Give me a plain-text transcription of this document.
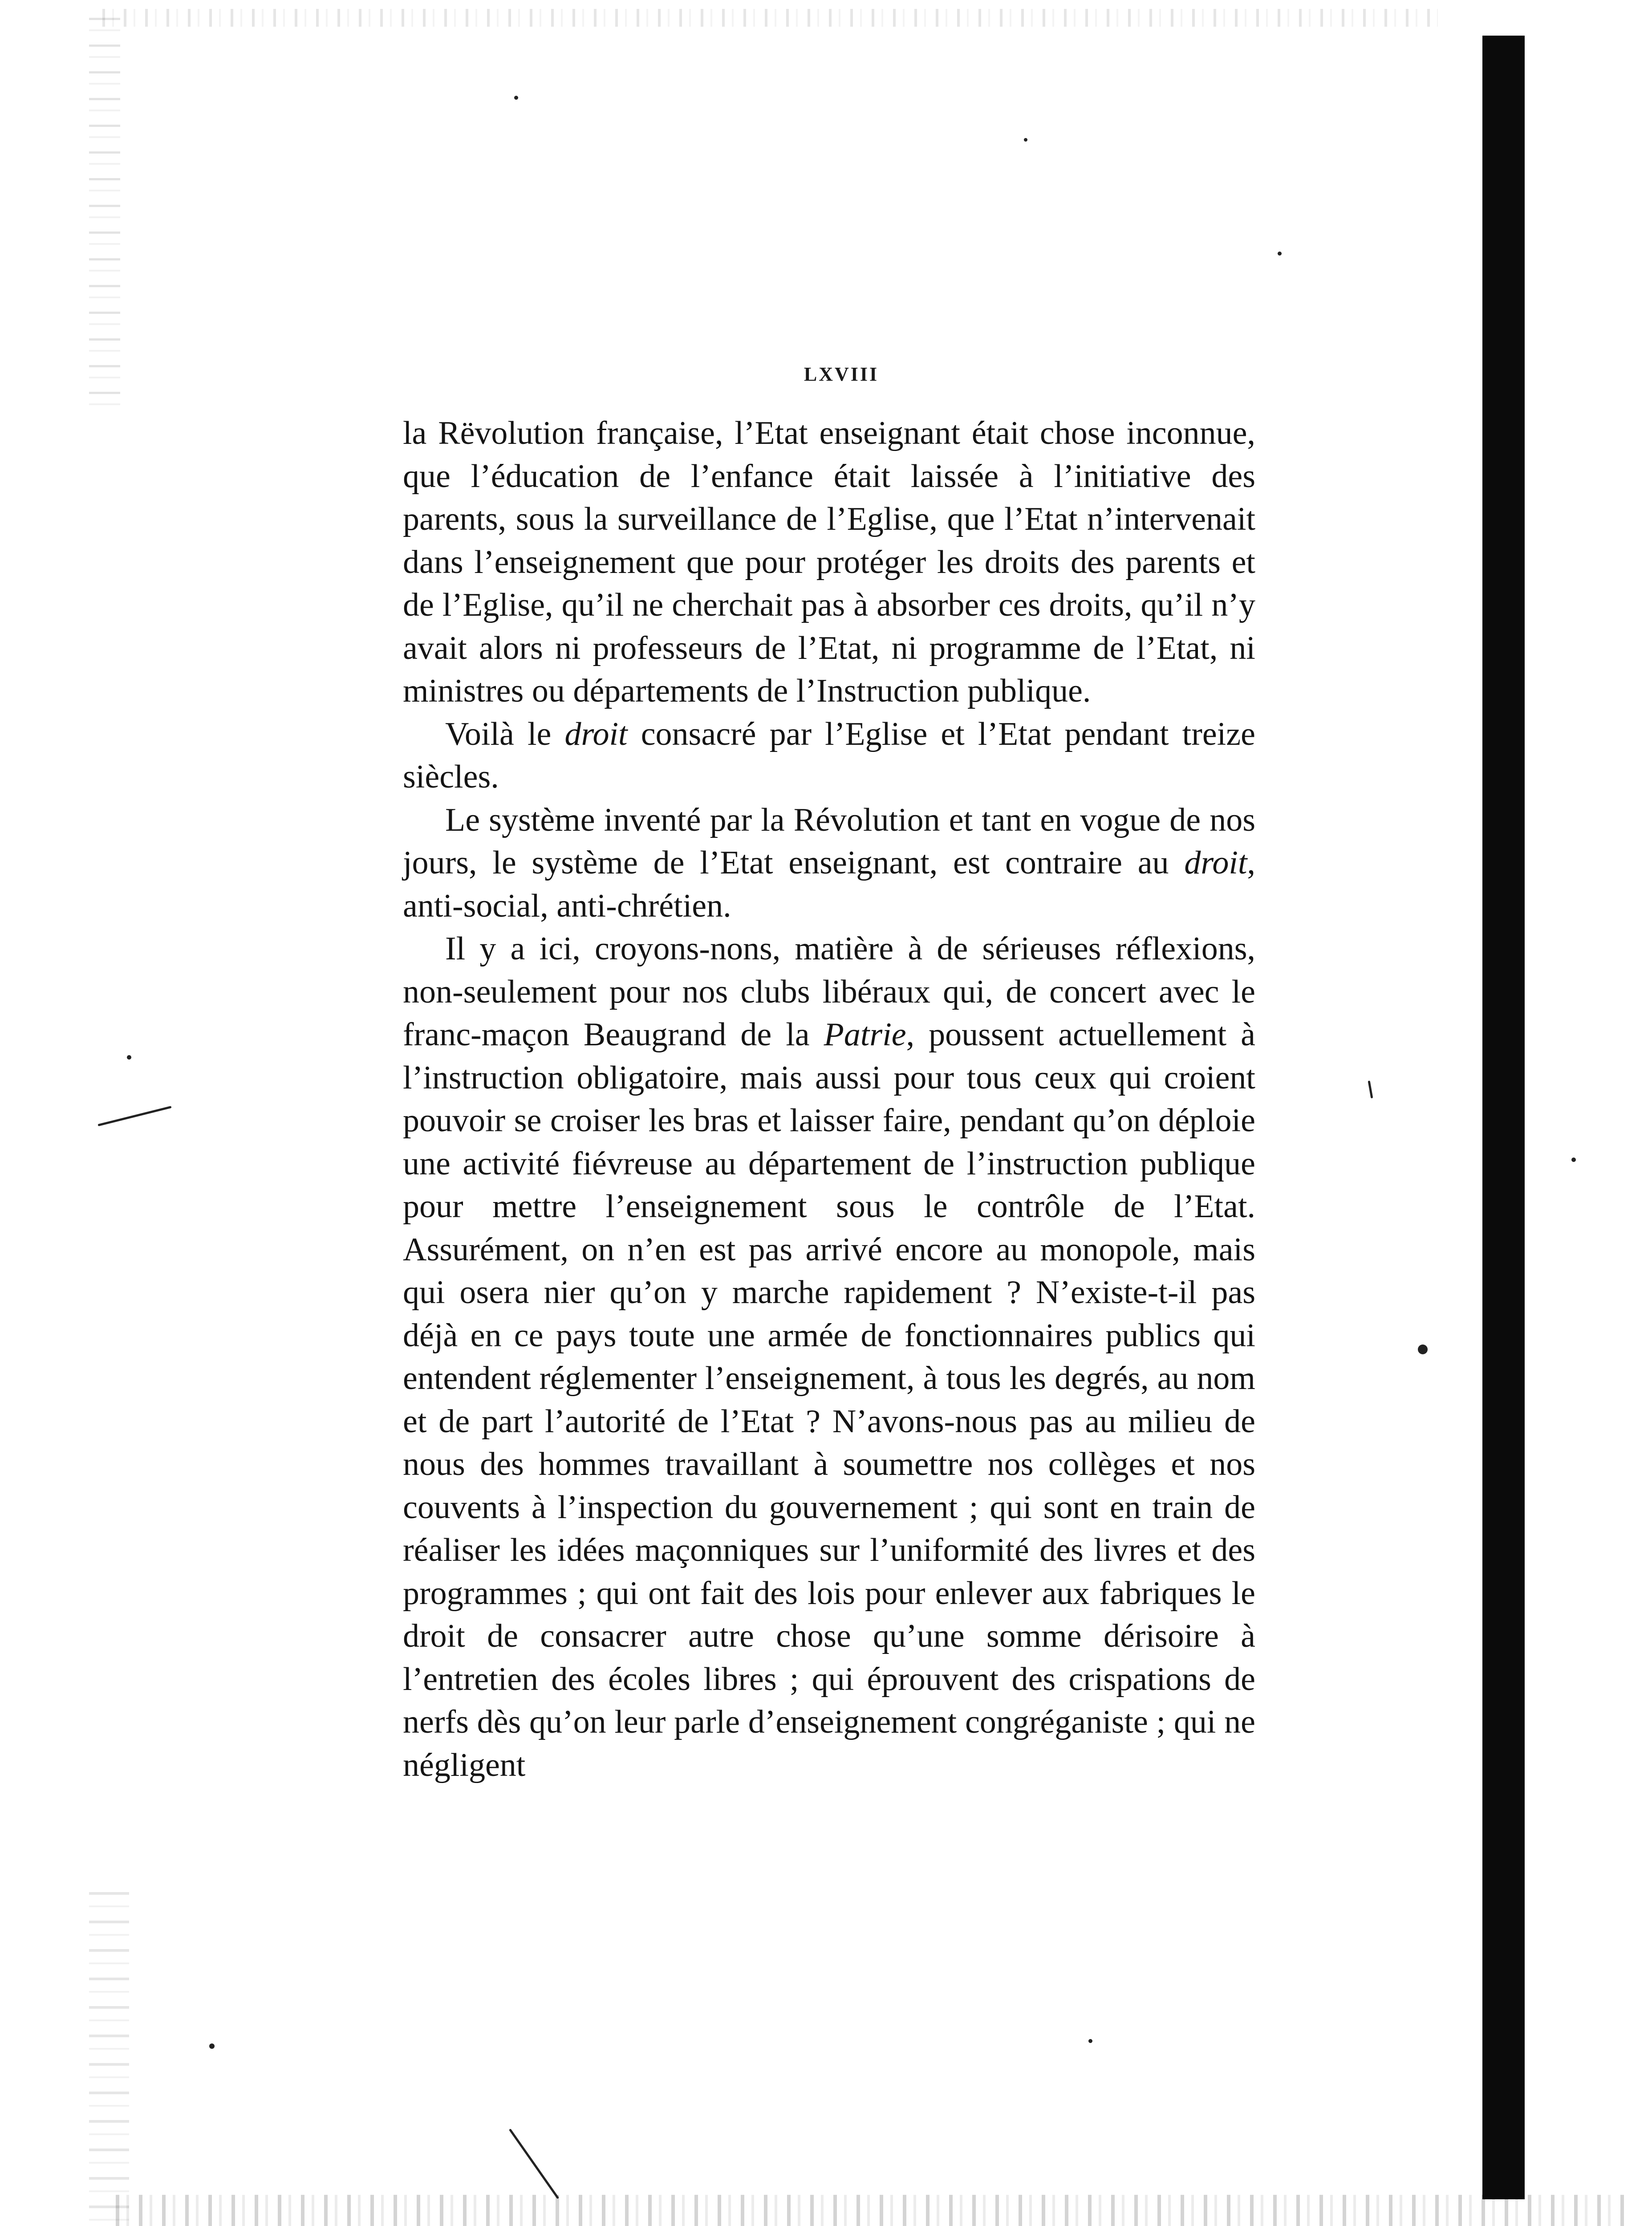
LXVIII

la Rëvolution française, l’Etat enseignant était chose inconnue, que l’éducation de l’enfance était laissée à l’initiative des parents, sous la surveillance de l’Eglise, que l’Etat n’intervenait dans l’enseignement que pour protéger les droits des parents et de l’Eglise, qu’il ne cherchait pas à absorber ces droits, qu’il n’y avait alors ni professeurs de l’Etat, ni programme de l’Etat, ni ministres ou départements de l’Instruction publique.

Voilà le droit consacré par l’Eglise et l’Etat pendant treize siècles.

Le système inventé par la Révolution et tant en vogue de nos jours, le système de l’Etat enseignant, est contraire au droit, anti-social, anti-chrétien.

Il y a ici, croyons-nons, matière à de sérieuses réflexions, non-seulement pour nos clubs libéraux qui, de concert avec le franc-maçon Beaugrand de la Patrie, poussent actuellement à l’instruction obligatoire, mais aussi pour tous ceux qui croient pouvoir se croiser les bras et laisser faire, pendant qu’on déploie une activité fiévreuse au département de l’instruction publique pour mettre l’enseignement sous le contrôle de l’Etat. Assurément, on n’en est pas arrivé encore au monopole, mais qui osera nier qu’on y marche rapidement ? N’existe-t-il pas déjà en ce pays toute une armée de fonctionnaires publics qui entendent réglementer l’enseignement, à tous les degrés, au nom et de part l’autorité de l’Etat ? N’avons-nous pas au milieu de nous des hommes travaillant à soumettre nos collèges et nos couvents à l’inspection du gouvernement ; qui sont en train de réaliser les idées maçonniques sur l’uniformité des livres et des programmes ; qui ont fait des lois pour enlever aux fabriques le droit de consacrer autre chose qu’une somme dérisoire à l’entretien des écoles libres ; qui éprouvent des crispations de nerfs dès qu’on leur parle d’enseignement congréganiste ; qui ne négligent
